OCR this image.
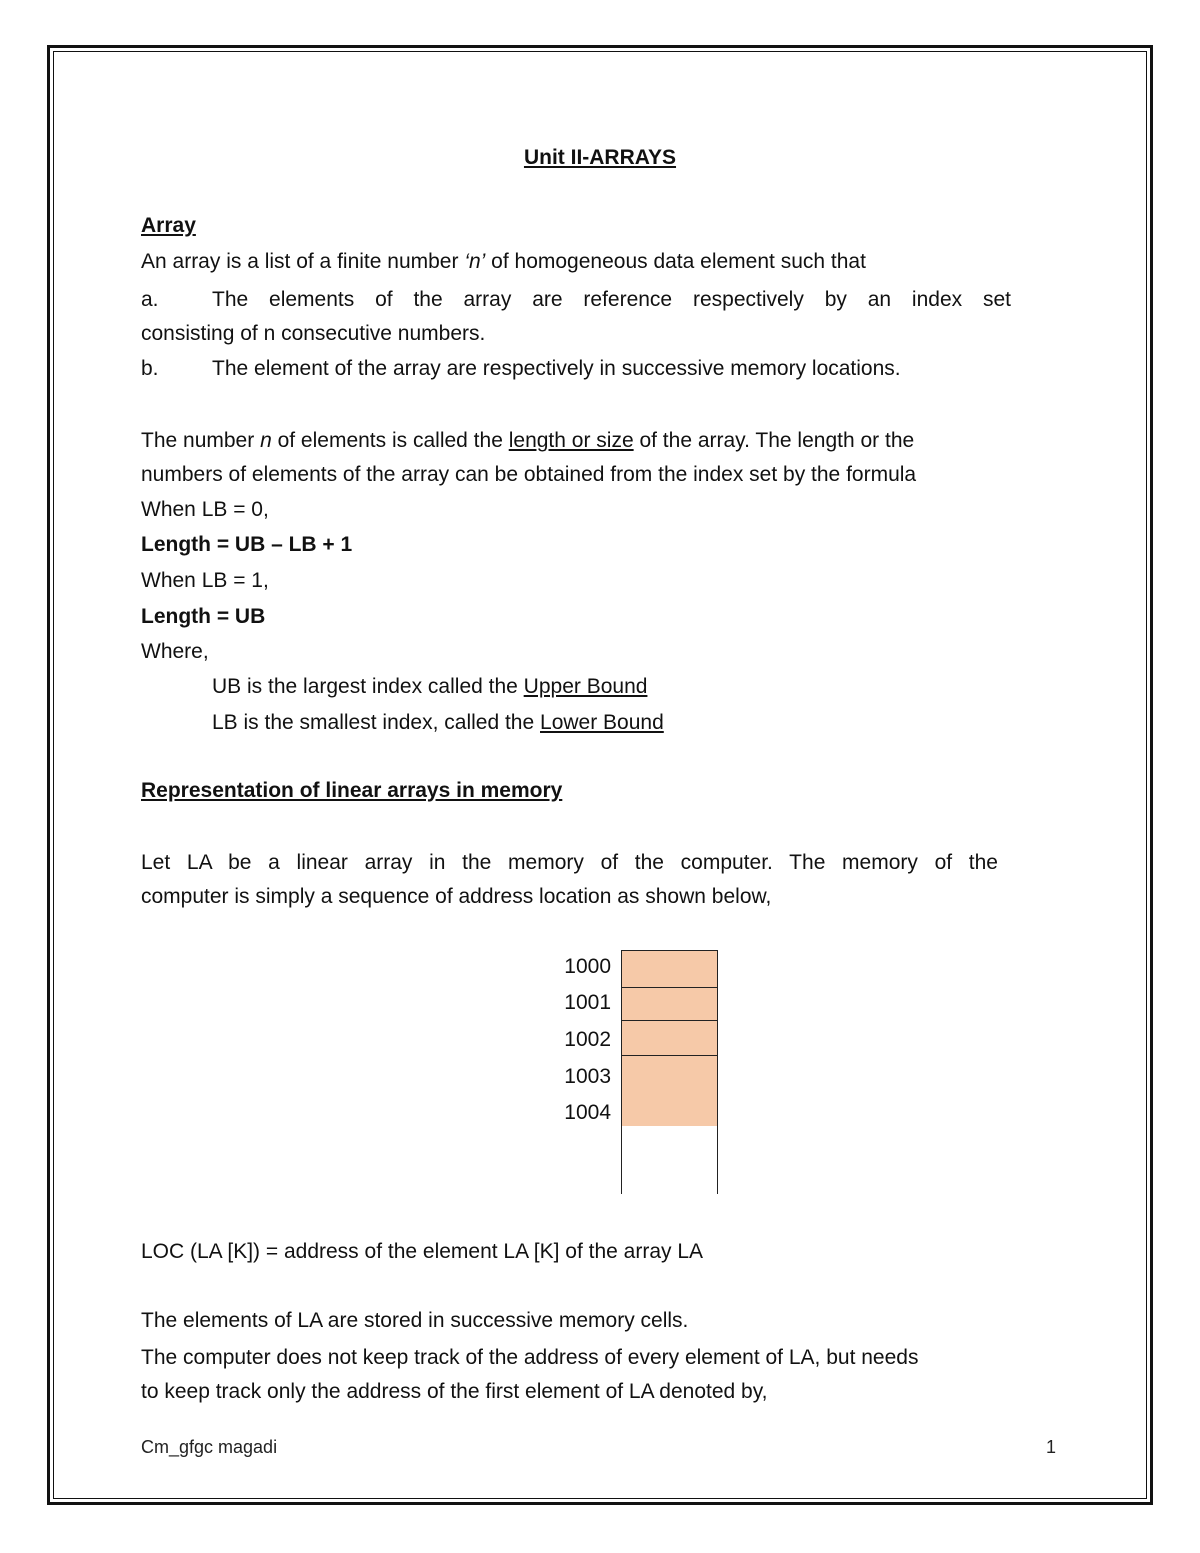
Unit II-ARRAYS
Array
An array is a list of a finite number ‘n’ of homogeneous data element such that
a.	The elements of the array are reference respectively by an index set
consisting of n consecutive numbers.
b.	The element of the array are respectively in successive memory locations.
The number n of elements is called the length or size of the array. The length or the
numbers of elements of the array can be obtained from the index set by the formula
When LB = 0,
Length = UB – LB + 1
When LB = 1,
Length = UB
Where,
UB is the largest index called the Upper Bound
LB is the smallest index, called the Lower Bound
Representation of linear arrays in memory
Let LA be a linear array in the memory of the computer. The memory of the
computer is simply a sequence of address location as shown below,
1000
1001
1002
1003
1004
LOC (LA [K]) = address of the element LA [K] of the array LA
The elements of LA are stored in successive memory cells.
The computer does not keep track of the address of every element of LA, but needs
to keep track only the address of the first element of LA denoted by,
Cm_gfgc magadi	1
